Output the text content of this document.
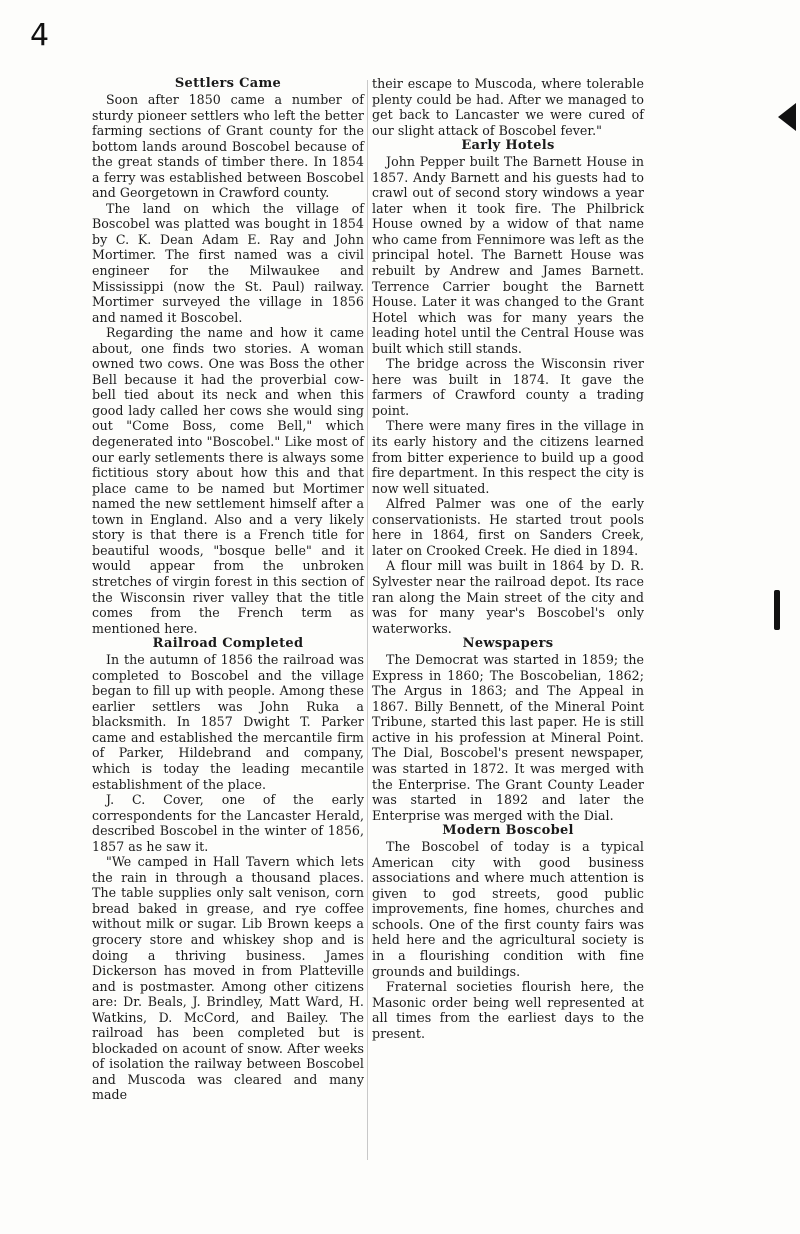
4
Settlers Came

Soon after 1850 came a number of sturdy pioneer settlers who left the better farming sections of Grant county for the bottom lands around Boscobel because of the great stands of timber there. In 1854 a ferry was established between Boscobel and Georgetown in Crawford county.

The land on which the village of Boscobel was platted was bought in 1854 by C. K. Dean Adam E. Ray and John Mortimer. The first named was a civil engineer for the Milwaukee and Mississippi (now the St. Paul) railway. Mortimer surveyed the village in 1856 and named it Boscobel.

Regarding the name and how it came about, one finds two stories. A woman owned two cows. One was Boss the other Bell because it had the proverbial cow-bell tied about its neck and when this good lady called her cows she would sing out "Come Boss, come Bell," which degenerated into "Boscobel." Like most of our early setlements there is always some fictitious story about how this and that place came to be named but Mortimer named the new settlement himself after a town in England. Also and a very likely story is that there is a French title for beautiful woods, "bosque belle" and it would appear from the unbroken stretches of virgin forest in this section of the Wisconsin river valley that the title comes from the French term as mentioned here.

Railroad Completed

In the autumn of 1856 the railroad was completed to Boscobel and the village began to fill up with people. Among these earlier settlers was John Ruka a blacksmith. In 1857 Dwight T. Parker came and established the mercantile firm of Parker, Hildebrand and company, which is today the leading mecantile establishment of the place.

J. C. Cover, one of the early correspondents for the Lancaster Herald, described Boscobel in the winter of 1856, 1857 as he saw it.

"We camped in Hall Tavern which lets the rain in through a thousand places. The table supplies only salt venison, corn bread baked in grease, and rye coffee without milk or sugar. Lib Brown keeps a grocery store and whiskey shop and is doing a thriving business. James Dickerson has moved in from Platteville and is postmaster. Among other citizens are: Dr. Beals, J. Brindley, Matt Ward, H. Watkins, D. McCord, and Bailey. The railroad has been completed but is blockaded on acount of snow. After weeks of isolation the railway between Boscobel and Muscoda was cleared and many made

their escape to Muscoda, where tolerable plenty could be had. After we managed to get back to Lancaster we were cured of our slight attack of Boscobel fever."

Early Hotels

John Pepper built The Barnett House in 1857. Andy Barnett and his guests had to crawl out of second story windows a year later when it took fire. The Philbrick House owned by a widow of that name who came from Fennimore was left as the principal hotel. The Barnett House was rebuilt by Andrew and James Barnett. Terrence Carrier bought the Barnett House. Later it was changed to the Grant Hotel which was for many years the leading hotel until the Central House was built which still stands.

The bridge across the Wisconsin river here was built in 1874. It gave the farmers of Crawford county a trading point.

There were many fires in the village in its early history and the citizens learned from bitter experience to build up a good fire department. In this respect the city is now well situated.

Alfred Palmer was one of the early conservationists. He started trout pools here in 1864, first on Sanders Creek, later on Crooked Creek. He died in 1894.

A flour mill was built in 1864 by D. R. Sylvester near the railroad depot. Its race ran along the Main street of the city and was for many year's Boscobel's only waterworks.

Newspapers

The Democrat was started in 1859; the Express in 1860; The Boscobelian, 1862; The Argus in 1863; and The Appeal in 1867. Billy Bennett, of the Mineral Point Tribune, started this last paper. He is still active in his profession at Mineral Point. The Dial, Boscobel's present newspaper, was started in 1872. It was merged with the Enterprise. The Grant County Leader was started in 1892 and later the Enterprise was merged with the Dial.

Modern Boscobel

The Boscobel of today is a typical American city with good business associations and where much attention is given to god streets, good public improvements, fine homes, churches and schools. One of the first county fairs was held here and the agricultural society is in a flourishing condition with fine grounds and buildings.

Fraternal societies flourish here, the Masonic order being well represented at all times from the earliest days to the present.
